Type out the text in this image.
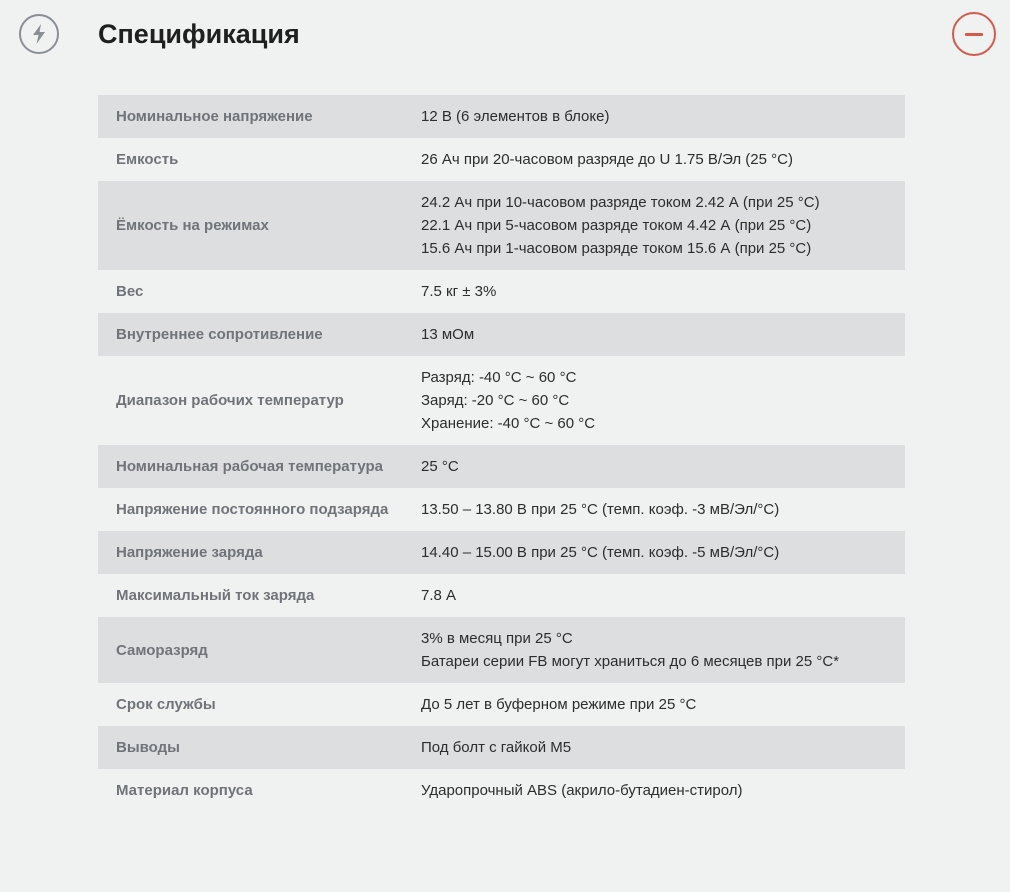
Спецификация
Номинальное напряжение	12 В (6 элементов в блоке)

Емкость	26 Ач при 20-часовом разряде до U 1.75 В/Эл (25 °C)

Ёмкость на режимах	24.2 Ач при 10-часовом разряде током 2.42 А (при 25 °C)
22.1 Ач при 5-часовом разряде током 4.42 А (при 25 °C)
15.6 Ач при 1-часовом разряде током 15.6 А (при 25 °C)

Вес	7.5 кг ± 3%

Внутреннее сопротивление	13 мОм

Диапазон рабочих температур	Разряд: -40 °C ~ 60 °C
Заряд: -20 °C ~ 60 °C
Хранение: -40 °C ~ 60 °C

Номинальная рабочая температура	25 °C

Напряжение постоянного подзаряда	13.50 – 13.80 В при 25 °C (темп. коэф. -3 мВ/Эл/°C)

Напряжение заряда	14.40 – 15.00 В при 25 °C (темп. коэф. -5 мВ/Эл/°C)

Максимальный ток заряда	7.8 А

Саморазряд	3% в месяц при 25 °C
Батареи серии FB могут храниться до 6 месяцев при 25 °C*

Срок службы	До 5 лет в буферном режиме при 25 °C

Выводы	Под болт с гайкой М5

Материал корпуса	Ударопрочный ABS (акрило-бутадиен-стирол)
